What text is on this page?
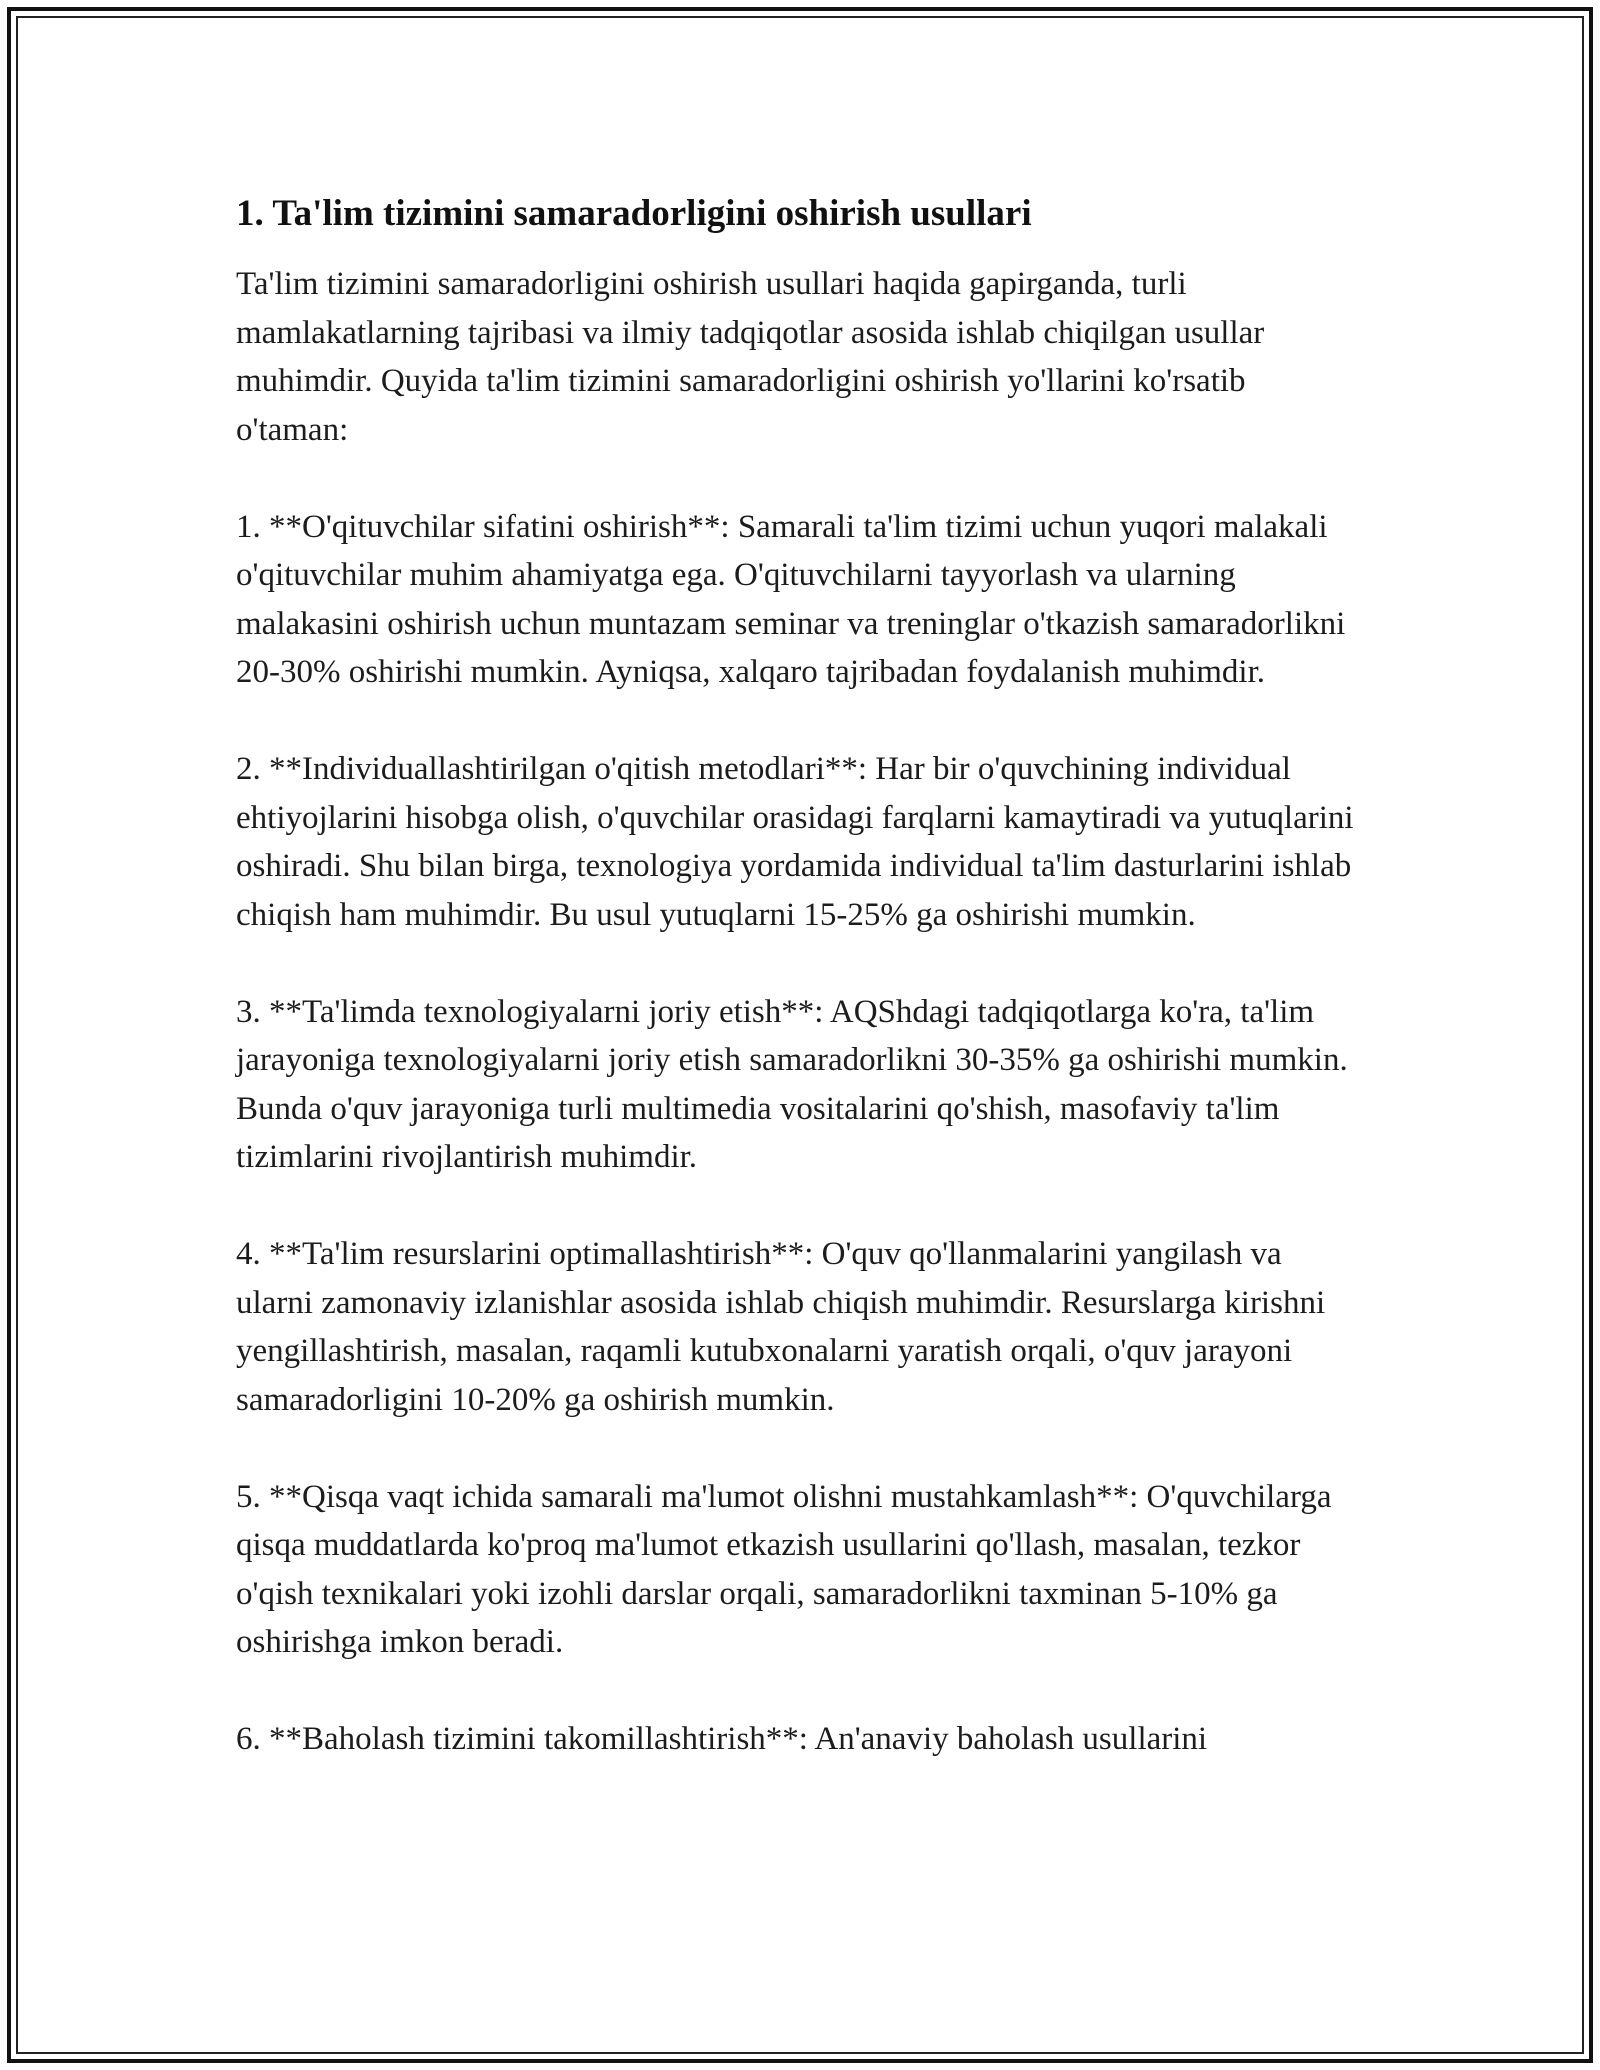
1. Ta'lim tizimini samaradorligini oshirish usullari

Ta'lim tizimini samaradorligini oshirish usullari haqida gapirganda, turli mamlakatlarning tajribasi va ilmiy tadqiqotlar asosida ishlab chiqilgan usullar muhimdir. Quyida ta'lim tizimini samaradorligini oshirish yo'llarini ko'rsatib o'taman:

1. **O'qituvchilar sifatini oshirish**: Samarali ta'lim tizimi uchun yuqori malakali o'qituvchilar muhim ahamiyatga ega. O'qituvchilarni tayyorlash va ularning malakasini oshirish uchun muntazam seminar va treninglar o'tkazish samaradorlikni 20-30% oshirishi mumkin. Ayniqsa, xalqaro tajribadan foydalanish muhimdir.

2. **Individuallashtirilgan o'qitish metodlari**: Har bir o'quvchining individual ehtiyojlarini hisobga olish, o'quvchilar orasidagi farqlarni kamaytiradi va yutuqlarini oshiradi. Shu bilan birga, texnologiya yordamida individual ta'lim dasturlarini ishlab chiqish ham muhimdir. Bu usul yutuqlarni 15-25% ga oshirishi mumkin.

3. **Ta'limda texnologiyalarni joriy etish**: AQShdagi tadqiqotlarga ko'ra, ta'lim jarayoniga texnologiyalarni joriy etish samaradorlikni 30-35% ga oshirishi mumkin. Bunda o'quv jarayoniga turli multimedia vositalarini qo'shish, masofaviy ta'lim tizimlarini rivojlantirish muhimdir.

4. **Ta'lim resurslarini optimallashtirish**: O'quv qo'llanmalarini yangilash va ularni zamonaviy izlanishlar asosida ishlab chiqish muhimdir. Resurslarga kirishni yengillashtirish, masalan, raqamli kutubxonalarni yaratish orqali, o'quv jarayoni samaradorligini 10-20% ga oshirish mumkin.

5. **Qisqa vaqt ichida samarali ma'lumot olishni mustahkamlash**: O'quvchilarga qisqa muddatlarda ko'proq ma'lumot etkazish usullarini qo'llash, masalan, tezkor o'qish texnikalari yoki izohli darslar orqali, samaradorlikni taxminan 5-10% ga oshirishga imkon beradi.

6. **Baholash tizimini takomillashtirish**: An'anaviy baholash usullarini
